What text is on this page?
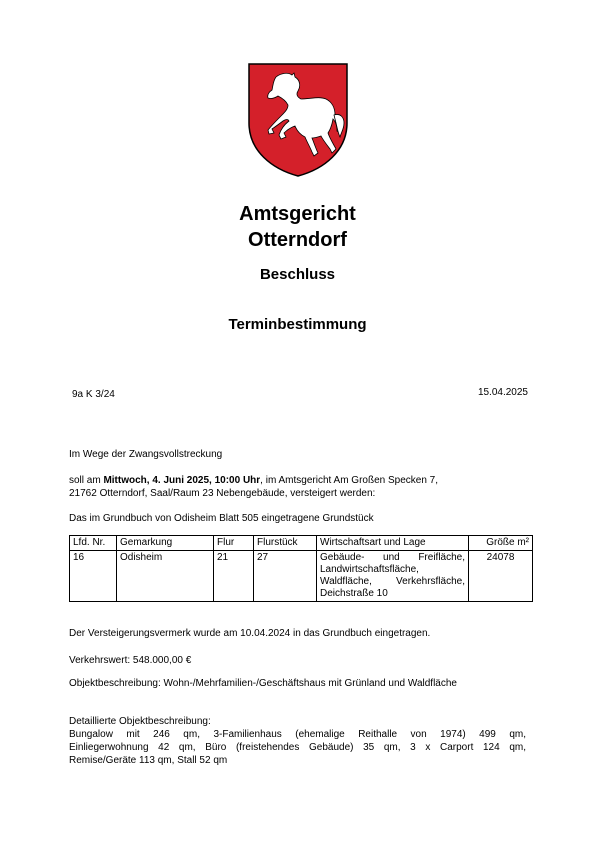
Amtsgericht
Otterndorf
Beschluss
Terminbestimmung
9a K 3/24	15.04.2025
Im Wege der Zwangsvollstreckung
soll am Mittwoch, 4. Juni 2025, 10:00 Uhr, im Amtsgericht Am Großen Specken 7,
21762 Otterndorf, Saal/Raum 23 Nebengebäude, versteigert werden:
Das im Grundbuch von Odisheim Blatt 505 eingetragene Grundstück
Lfd. Nr.	Gemarkung	Flur	Flurstück	Wirtschaftsart und Lage	Größe m²
16	Odisheim	21	27	Gebäude- und Freifläche,
Landwirtschaftsfläche,
Waldfläche, Verkehrsfläche,
Deichstraße 10	24078
Der Versteigerungsvermerk wurde am 10.04.2024 in das Grundbuch eingetragen.
Verkehrswert: 548.000,00 €
Objektbeschreibung: Wohn-/Mehrfamilien-/Geschäftshaus mit Grünland und Waldfläche
Detaillierte Objektbeschreibung:
Bungalow mit 246 qm, 3-Familienhaus (ehemalige Reithalle von 1974) 499 qm,
Einliegerwohnung 42 qm, Büro (freistehendes Gebäude) 35 qm, 3 x Carport 124 qm,
Remise/Geräte 113 qm, Stall 52 qm
